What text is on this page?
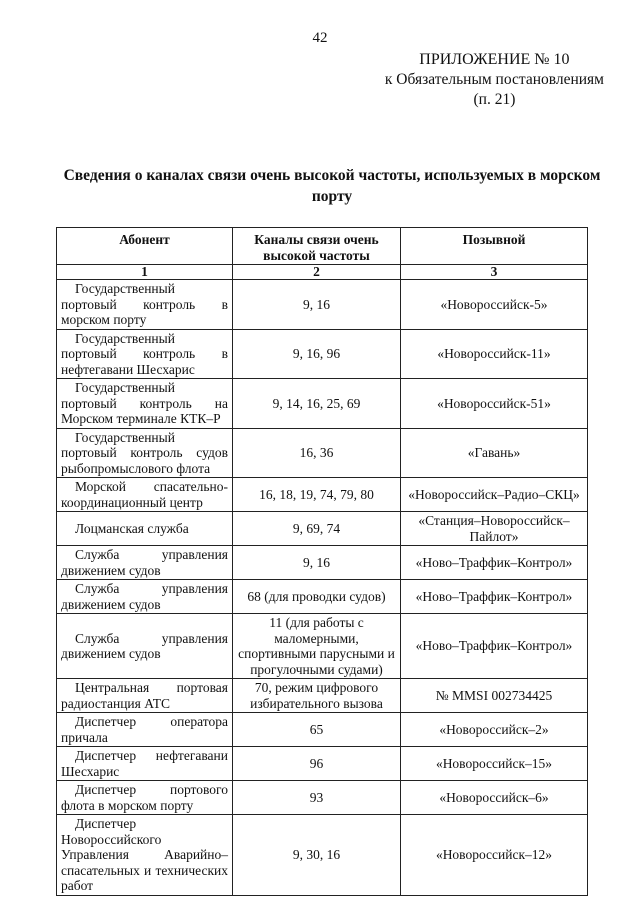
42
ПРИЛОЖЕНИЕ № 10
к Обязательным постановлениям
(п. 21)
Сведения о каналах связи очень высокой частоты, используемых в морском
порту
Абонент	Каналы связи очень высокой частоты	Позывной
1	2	3
Государственный портовый контроль в морском порту	9, 16	«Новороссийск-5»
Государственный портовый контроль в нефтегавани Шесхарис	9, 16, 96	«Новороссийск-11»
Государственный портовый контроль на Морском терминале КТК–Р	9, 14, 16, 25, 69	«Новороссийск-51»
Государственный портовый контроль судов рыбопромыслового флота	16, 36	«Гавань»
Морской спасательно-координационный центр	16, 18, 19, 74, 79, 80	«Новороссийск–Радио–СКЦ»
Лоцманская служба	9, 69, 74	«Станция–Новороссийск–Пайлот»
Служба управления движением судов	9, 16	«Ново–Траффик–Контрол»
Служба управления движением судов	68 (для проводки судов)	«Ново–Траффик–Контрол»
Служба управления движением судов	11 (для работы с маломерными, спортивными парусными и прогулочными судами)	«Ново–Траффик–Контрол»
Центральная портовая радиостанция АТС	70, режим цифрового избирательного вызова	№ MMSI 002734425
Диспетчер оператора причала	65	«Новороссийск–2»
Диспетчер нефтегавани Шесхарис	96	«Новороссийск–15»
Диспетчер портового флота в морском порту	93	«Новороссийск–6»
Диспетчер Новороссийского Управления Аварийно–спасательных и технических работ	9, 30, 16	«Новороссийск–12»
